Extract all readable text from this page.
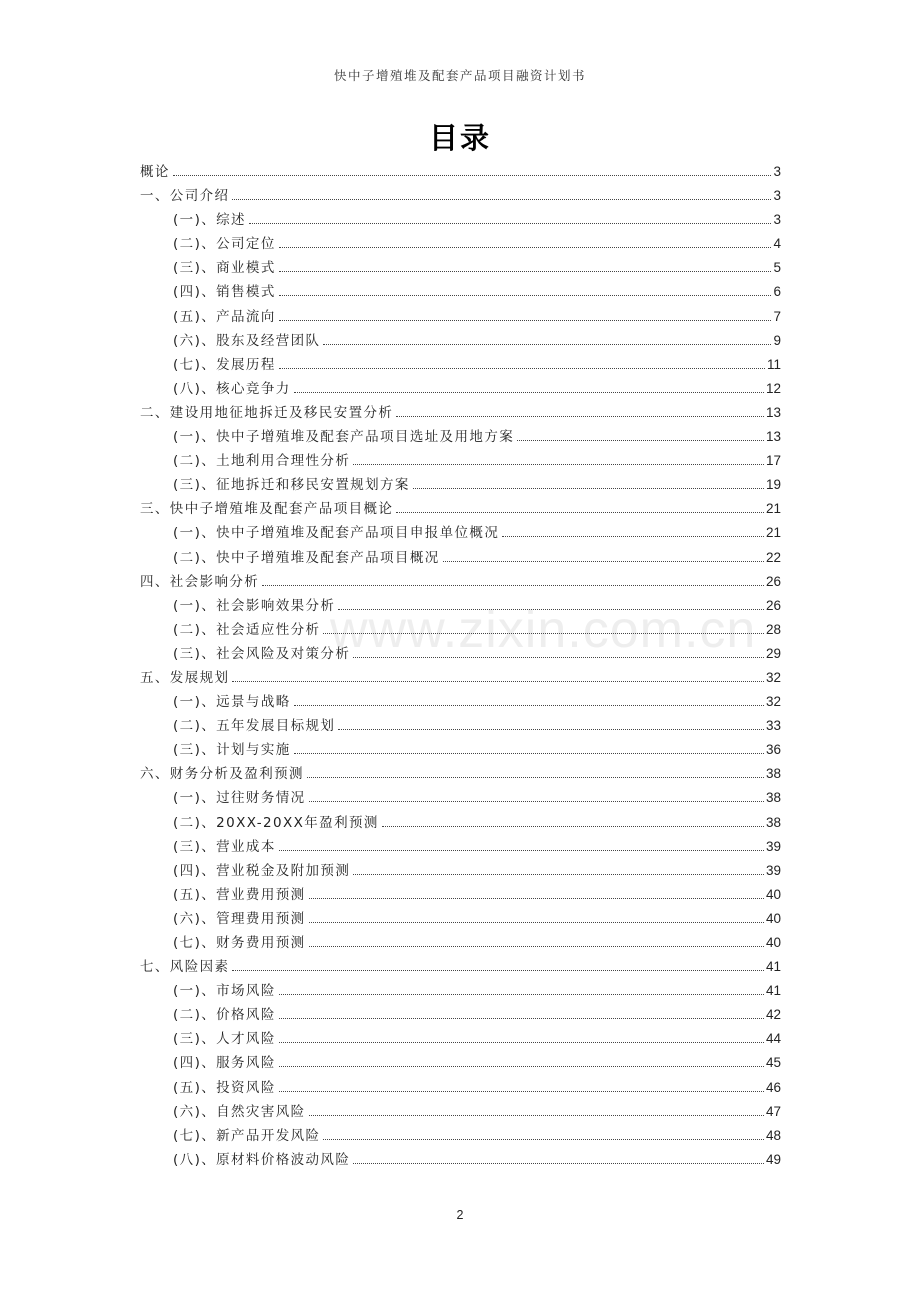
快中子增殖堆及配套产品项目融资计划书
目录
概论	3
一、公司介绍	3
(一)、综述	3
(二)、公司定位	4
(三)、商业模式	5
(四)、销售模式	6
(五)、产品流向	7
(六)、股东及经营团队	9
(七)、发展历程	11
(八)、核心竞争力	12
二、建设用地征地拆迁及移民安置分析	13
(一)、快中子增殖堆及配套产品项目选址及用地方案	13
(二)、土地利用合理性分析	17
(三)、征地拆迁和移民安置规划方案	19
三、快中子增殖堆及配套产品项目概论	21
(一)、快中子增殖堆及配套产品项目申报单位概况	21
(二)、快中子增殖堆及配套产品项目概况	22
四、社会影响分析	26
(一)、社会影响效果分析	26
(二)、社会适应性分析	28
(三)、社会风险及对策分析	29
五、发展规划	32
(一)、远景与战略	32
(二)、五年发展目标规划	33
(三)、计划与实施	36
六、财务分析及盈利预测	38
(一)、过往财务情况	38
(二)、20XX-20XX年盈利预测	38
(三)、营业成本	39
(四)、营业税金及附加预测	39
(五)、营业费用预测	40
(六)、管理费用预测	40
(七)、财务费用预测	40
七、风险因素	41
(一)、市场风险	41
(二)、价格风险	42
(三)、人才风险	44
(四)、服务风险	45
(五)、投资风险	46
(六)、自然灾害风险	47
(七)、新产品开发风险	48
(八)、原材料价格波动风险	49
www.zixin.com.cn
2
